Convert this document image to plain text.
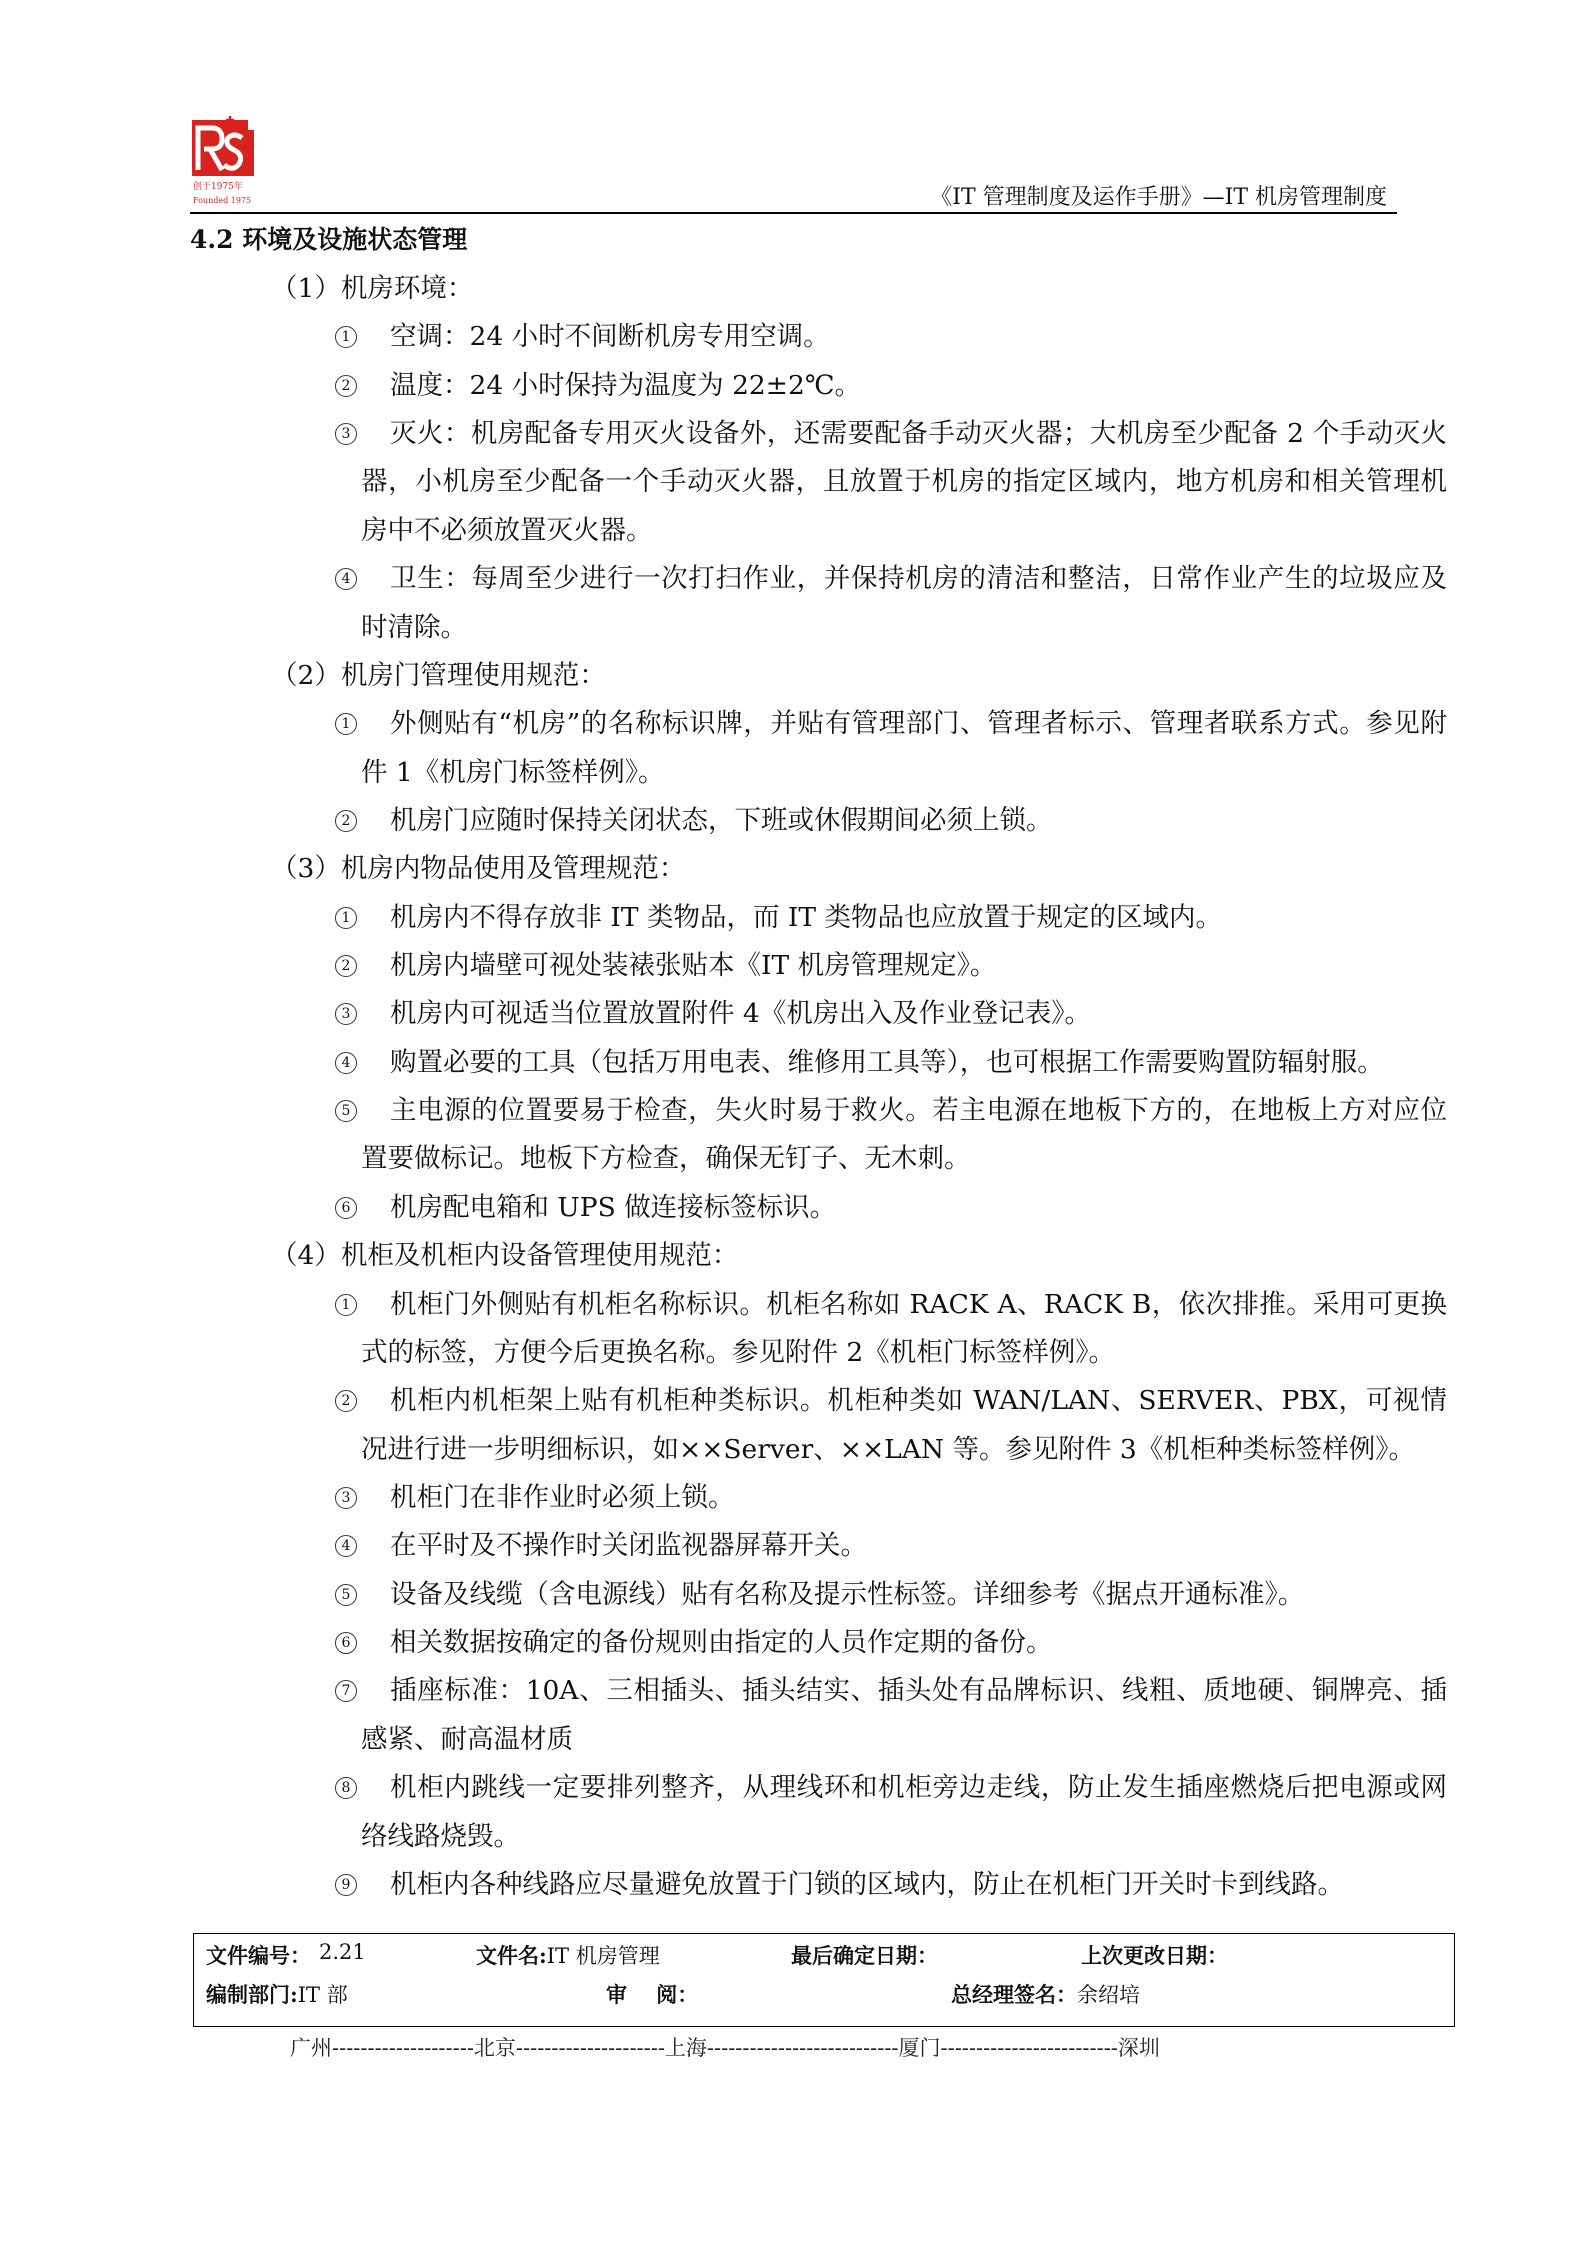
创于1975年
Founded 1975	《IT 管理制度及运作手册》—IT 机房管理制度
4.2 环境及设施状态管理
（1）机房环境：
1 空调：24 小时不间断机房专用空调。
2 温度：24 小时保持为温度为 22±2℃。
3 灭火：机房配备专用灭火设备外，还需要配备手动灭火器；大机房至少配备 2 个手动灭火器，小机房至少配备一个手动灭火器，且放置于机房的指定区域内，地方机房和相关管理机房中不必须放置灭火器。
4 卫生：每周至少进行一次打扫作业，并保持机房的清洁和整洁，日常作业产生的垃圾应及时清除。
（2）机房门管理使用规范：
1 外侧贴有“机房”的名称标识牌，并贴有管理部门、管理者标示、管理者联系方式。参见附件 1《机房门标签样例》。
2 机房门应随时保持关闭状态，下班或休假期间必须上锁。
（3）机房内物品使用及管理规范：
1 机房内不得存放非 IT 类物品，而 IT 类物品也应放置于规定的区域内。
2 机房内墙壁可视处装裱张贴本《IT 机房管理规定》。
3 机房内可视适当位置放置附件 4《机房出入及作业登记表》。
4 购置必要的工具（包括万用电表、维修用工具等），也可根据工作需要购置防辐射服。
5 主电源的位置要易于检查，失火时易于救火。若主电源在地板下方的，在地板上方对应位置要做标记。地板下方检查，确保无钉子、无木刺。
6 机房配电箱和 UPS 做连接标签标识。
（4）机柜及机柜内设备管理使用规范：
1 机柜门外侧贴有机柜名称标识。机柜名称如 RACK A、RACK B，依次排推。采用可更换式的标签，方便今后更换名称。参见附件 2《机柜门标签样例》。
2 机柜内机柜架上贴有机柜种类标识。机柜种类如 WAN/LAN、SERVER、PBX，可视情况进行进一步明细标识，如××Server、××LAN 等。参见附件 3《机柜种类标签样例》。
3 机柜门在非作业时必须上锁。
4 在平时及不操作时关闭监视器屏幕开关。
5 设备及线缆（含电源线）贴有名称及提示性标签。详细参考《据点开通标准》。
6 相关数据按确定的备份规则由指定的人员作定期的备份。
7 插座标准：10A、三相插头、插头结实、插头处有品牌标识、线粗、质地硬、铜牌亮、插感紧、耐高温材质
8 机柜内跳线一定要排列整齐，从理线环和机柜旁边走线，防止发生插座燃烧后把电源或网络线路烧毁。
9 机柜内各种线路应尽量避免放置于门锁的区域内，防止在机柜门开关时卡到线路。
文件编号： 2.21	文件名:IT 机房管理	最后确定日期：	上次更改日期：
编制部门:IT 部	审    阅：	总经理签名：余绍培
广州--------------------北京---------------------上海---------------------------厦门-------------------------深圳
